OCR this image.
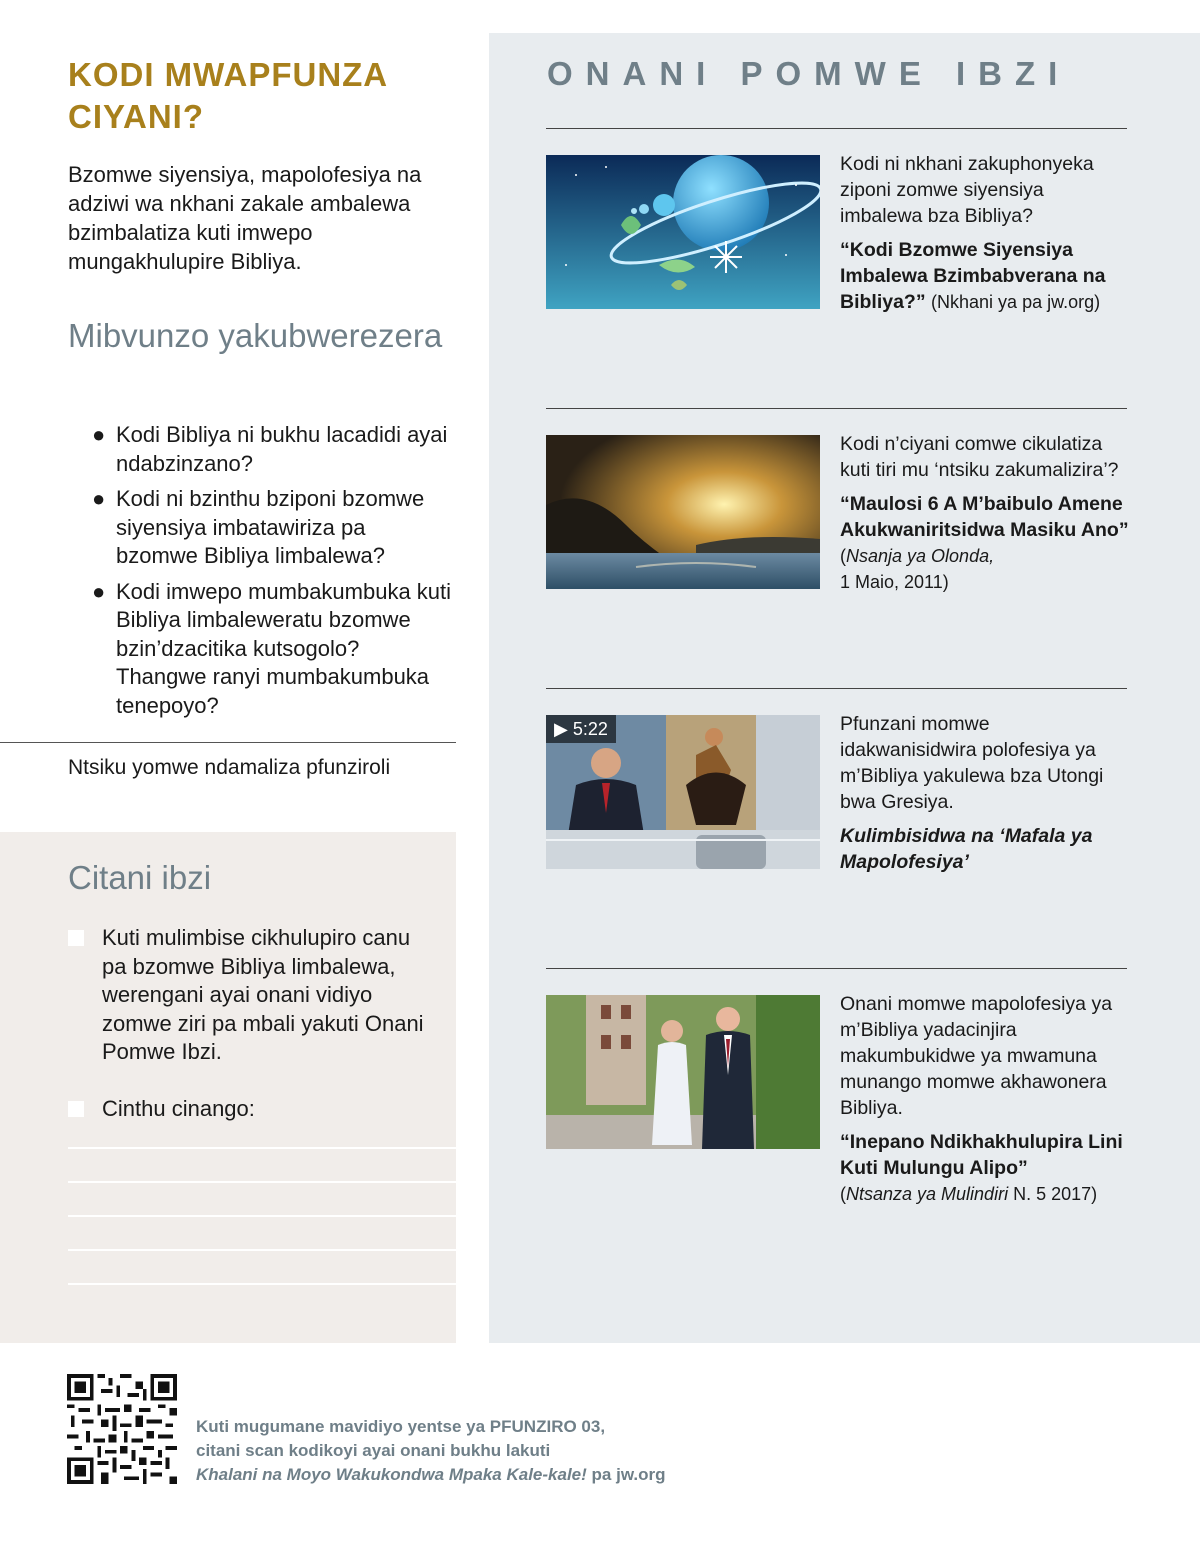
KODI MWAPFUNZA CIYANI?

Bzomwe siyensiya, mapolofesiya na adziwi wa nkhani zakale ambalewa bzimbalatiza kuti imwepo mungakhulupire Bibliya.

Mibvunzo yakubwerezera
● Kodi Bibliya ni bukhu lacadidi ayai ndabzinzano?
● Kodi ni bzinthu bziponi bzomwe siyensiya imbatawiriza pa bzomwe Bibliya limbalewa?
● Kodi imwepo mumbakumbuka kuti Bibliya limbaleweratu bzomwe bzin’dzacitika kutsogolo? Thangwe ranyi mumbakumbuka tenepoyo?

Ntsiku yomwe ndamaliza pfunziroli

Citani ibzi
Kuti mulimbise cikhulupiro canu pa bzomwe Bibliya limbalewa, werengani ayai onani vidiyo zomwe ziri pa mbali yakuti Onani Pomwe Ibzi.
Cinthu cinango:
ONANI POMWE IBZI

Kodi ni nkhani zakuphonyeka ziponi zomwe siyensiya imbalewa bza Bibliya?

“Kodi Bzomwe Siyensiya Imbalewa Bzimbabverana na Bibliya?” (Nkhani ya pa jw.org)

Kodi n’ciyani comwe cikulatiza kuti tiri mu ‘ntsiku zakumalizira’?

“Maulosi 6 A M’baibulo Amene Akukwaniritsidwa Masiku Ano” (Nsanja ya Olonda,
1 Maio, 2011)

▶ 5:22	Pfunzani momwe idakwanisidwira polofesiya ya m’Bibliya yakulewa bza Utongi bwa Gresiya.

Kulimbisidwa na ‘Mafala ya Mapolofesiya’

Onani momwe mapolofesiya ya m’Bibliya yadacinjira makumbukidwe ya mwamuna munango momwe akhawonera Bibliya.

“Inepano Ndikhakhulupira Lini Kuti Mulungu Alipo”
(Ntsanza ya Mulindiri N. 5 2017)

Kuti mugumane mavidiyo yentse ya PFUNZIRO 03,
citani scan kodikoyi ayai onani bukhu lakuti
Khalani na Moyo Wakukondwa Mpaka Kale-kale! pa jw.org
